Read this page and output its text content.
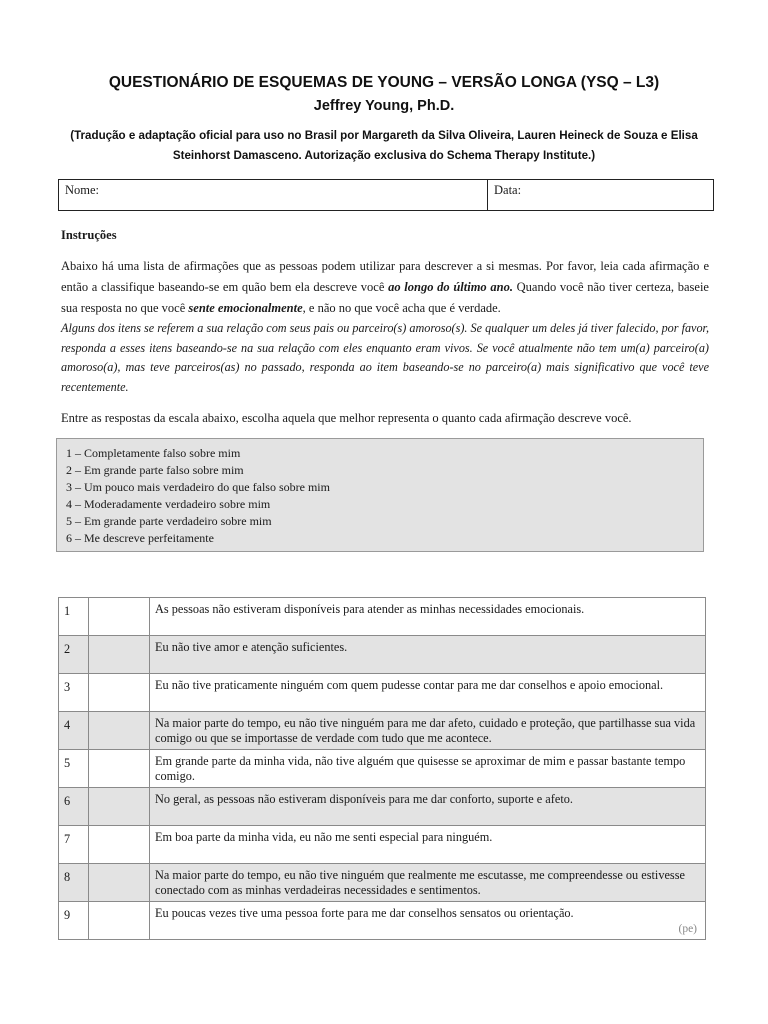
QUESTIONÁRIO DE ESQUEMAS DE YOUNG – VERSÃO LONGA (YSQ – L3)
Jeffrey Young, Ph.D.
(Tradução e adaptação oficial para uso no Brasil por Margareth da Silva Oliveira, Lauren Heineck de Souza e Elisa
Steinhorst Damasceno. Autorização exclusiva do Schema Therapy Institute.)
Nome:	Data:
Instruções
Abaixo há uma lista de afirmações que as pessoas podem utilizar para descrever a si mesmas. Por favor, leia cada afirmação e então a classifique baseando-se em quão bem ela descreve você ao longo do último ano. Quando você não tiver certeza, baseie sua resposta no que você sente emocionalmente, e não no que você acha que é verdade.
Alguns dos itens se referem a sua relação com seus pais ou parceiro(s) amoroso(s). Se qualquer um deles já tiver falecido, por favor, responda a esses itens baseando-se na sua relação com eles enquanto eram vivos. Se você atualmente não tem um(a) parceiro(a) amoroso(a), mas teve parceiros(as) no passado, responda ao item baseando-se no parceiro(a) mais significativo que você teve recentemente.
Entre as respostas da escala abaixo, escolha aquela que melhor representa o quanto cada afirmação descreve você.
1 – Completamente falso sobre mim
2 – Em grande parte falso sobre mim
3 – Um pouco mais verdadeiro do que falso sobre mim
4 – Moderadamente verdadeiro sobre mim
5 – Em grande parte verdadeiro sobre mim
6 – Me descreve perfeitamente
1		As pessoas não estiveram disponíveis para atender as minhas necessidades emocionais.
2		Eu não tive amor e atenção suficientes.
3		Eu não tive praticamente ninguém com quem pudesse contar para me dar conselhos e apoio emocional.
4		Na maior parte do tempo, eu não tive ninguém para me dar afeto, cuidado e proteção, que partilhasse sua vida comigo ou que se importasse de verdade com tudo que me acontece.
5		Em grande parte da minha vida, não tive alguém que quisesse se aproximar de mim e passar bastante tempo comigo.
6		No geral, as pessoas não estiveram disponíveis para me dar conforto, suporte e afeto.
7		Em boa parte da minha vida, eu não me senti especial para ninguém.
8		Na maior parte do tempo, eu não tive ninguém que realmente me escutasse, me compreendesse ou estivesse conectado com as minhas verdadeiras necessidades e sentimentos.
9		Eu poucas vezes tive uma pessoa forte para me dar conselhos sensatos ou orientação.
(pe)
